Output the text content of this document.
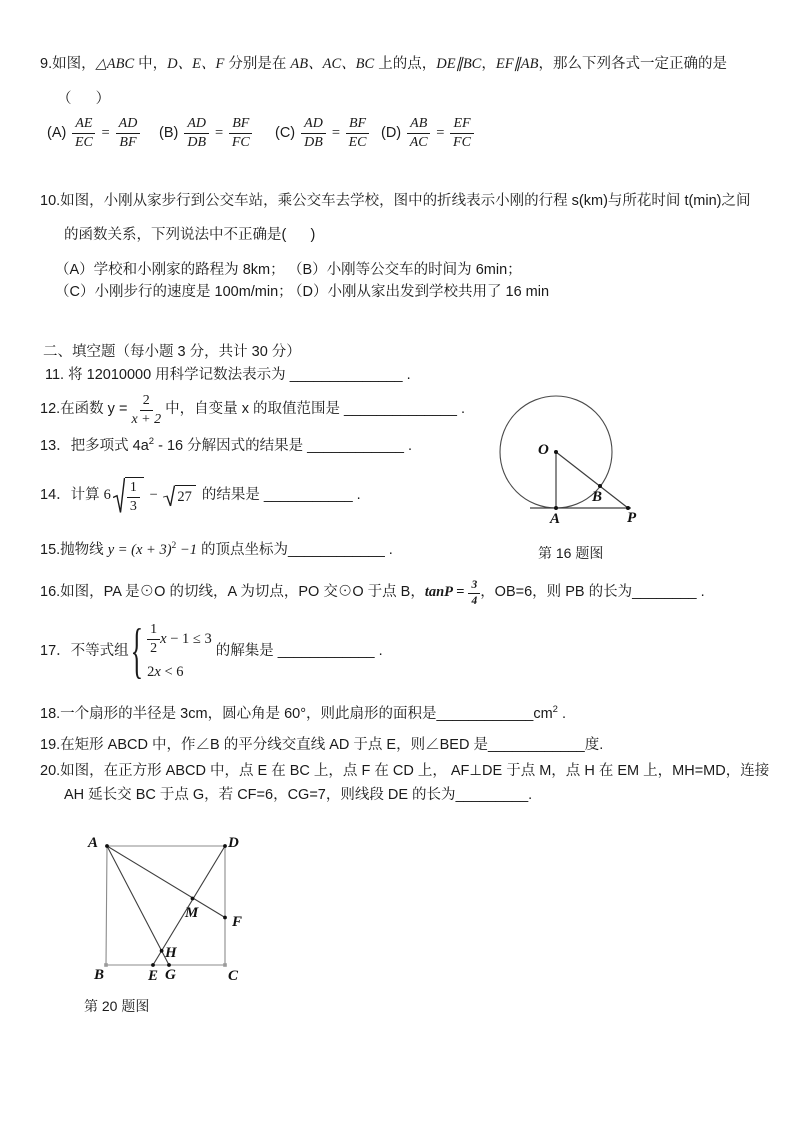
9.如图，△ABC 中，D、E、F 分别是在 AB、AC、BC 上的点，DE∥BC，EF∥AB，那么下列各式一定正确的是
（      ）
$(A) \frac{AE}{EC} = \frac{AD}{BF} (B) \frac{AD}{DB} = \frac{BF}{FC} (C) \frac{AD}{DB} = \frac{BF}{EC} (D) \frac{AB}{AC} = \frac{EF}{FC}$
10.如图，小刚从家步行到公交车站，乘公交车去学校，图中的折线表示小刚的行程 s(km)与所花时间 t(min)之间
的函数关系，下列说法中不正确是(      )
（A）学校和小刚家的路程为 8km； （B）小刚等公交车的时间为 6min；
（C）小刚步行的速度是 100m/min；
（D）小刚从家出发到学校共用了 16 min
二、填空题（每小题 3 分，共计 30 分）
11. 将 12010000 用科学记数法表示为 ______________ .
12.在函数 $y = \frac{2}{x + 2}$ 中，自变量 x 的取值范围是 ______________ .
13．把多项式 $4a^2 - 16$ 分解因式的结果是 ____________ .
14．计算 $6 \frac{1}{3} - 27$ 的结果是 ___________ .
15.抛物线 $y = (x + 3)^2 -1$ 的顶点坐标为____________ .
16.如图，PA 是⊙O 的切线，A 为切点，PO 交⊙O 于点 B， tanP =
$\frac{3}{4}$ ，OB=6，则 PB 的长为 ________ .
17．不等式组 { $\frac{1}{2}$ x − 1 ≤ 3
2 x < 6
的解集是 ____________ .
18.一个扇形的半径是 3cm，圆心角是 60°，则此扇形的面积是$\_\_\_\_\_\_\_\_\_\_\_\_cm^2$ .
19.在矩形 ABCD 中，作∠B 的平分线交直线 AD 于点 E，则∠BED 是____________度.
20.如图，在正方形 ABCD 中，点 E 在 BC 上，点 F 在 CD 上， AF⊥DE 于点 M，点 H 在 EM 上，MH=MD，连接
AH 延长交 BC 于点 G，若 CF=6，CG=7，则线段 DE 的长为_________.
O
A
B
P
第 16 题图
A	D
B	C
E G
H
M
F
第 20 题图
